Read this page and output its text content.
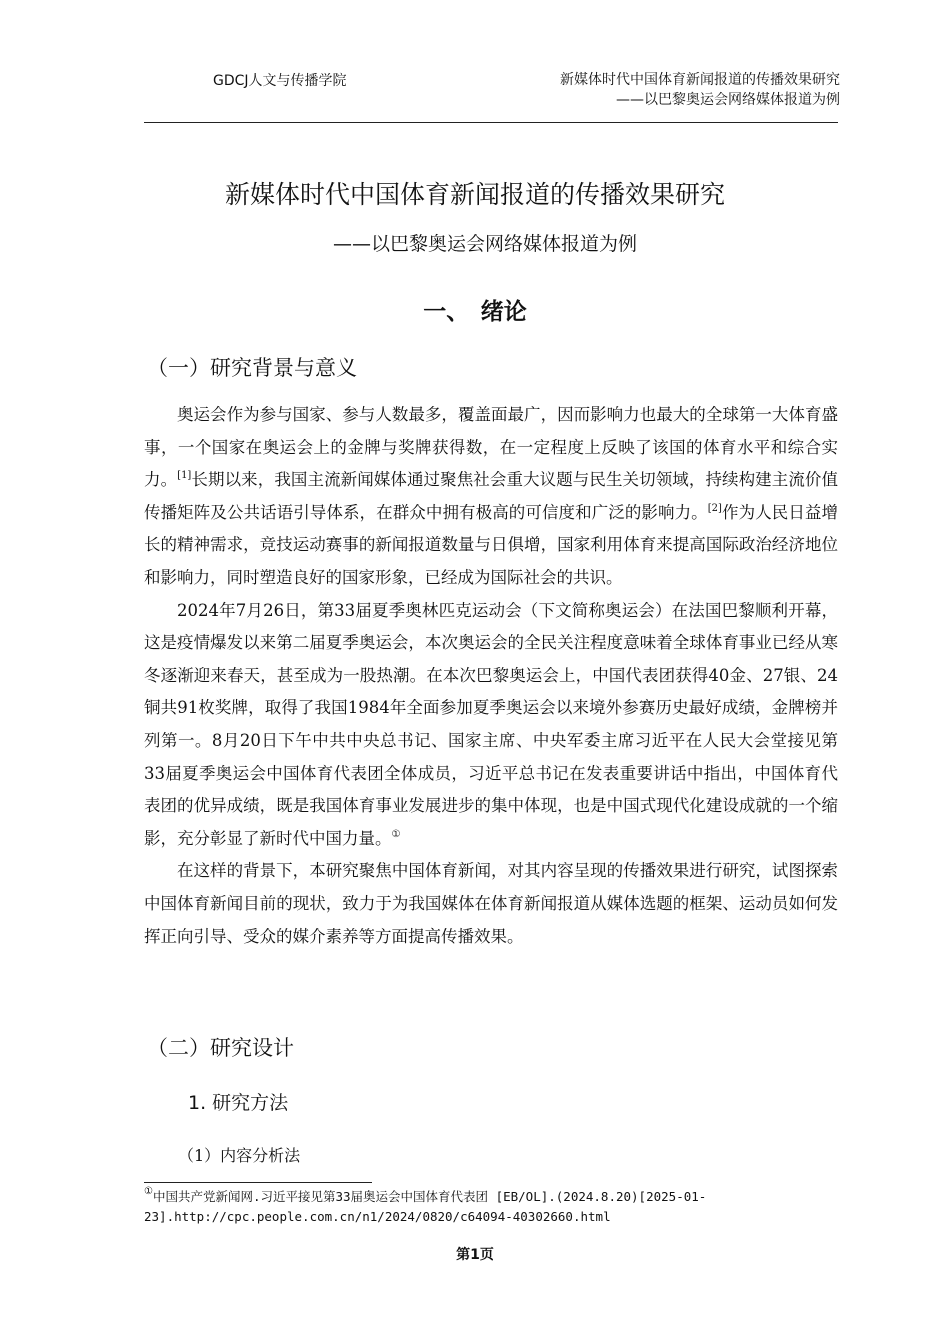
GDCJ人文与传播学院	新媒体时代中国体育新闻报道的传播效果研究
——以巴黎奥运会网络媒体报道为例
新媒体时代中国体育新闻报道的传播效果研究
——以巴黎奥运会网络媒体报道为例
一、　绪论
（一）研究背景与意义

奥运会作为参与国家、参与人数最多，覆盖面最广，因而影响力也最大的全球第一大体育盛事，一个国家在奥运会上的金牌与奖牌获得数，在一定程度上反映了该国的体育水平和综合实力。[1]长期以来，我国主流新闻媒体通过聚焦社会重大议题与民生关切领域，持续构建主流价值传播矩阵及公共话语引导体系，在群众中拥有极高的可信度和广泛的影响力。[2]作为人民日益增长的精神需求，竞技运动赛事的新闻报道数量与日俱增，国家利用体育来提高国际政治经济地位和影响力，同时塑造良好的国家形象，已经成为国际社会的共识。

2024年7月26日，第33届夏季奥林匹克运动会（下文简称奥运会）在法国巴黎顺利开幕，这是疫情爆发以来第二届夏季奥运会，本次奥运会的全民关注程度意味着全球体育事业已经从寒冬逐渐迎来春天，甚至成为一股热潮。在本次巴黎奥运会上，中国代表团获得40金、27银、24铜共91枚奖牌，取得了我国1984年全面参加夏季奥运会以来境外参赛历史最好成绩，金牌榜并列第一。8月20日下午中共中央总书记、国家主席、中央军委主席习近平在人民大会堂接见第33届夏季奥运会中国体育代表团全体成员，习近平总书记在发表重要讲话中指出，中国体育代表团的优异成绩，既是我国体育事业发展进步的集中体现，也是中国式现代化建设成就的一个缩影，充分彰显了新时代中国力量。①

在这样的背景下，本研究聚焦中国体育新闻，对其内容呈现的传播效果进行研究，试图探索中国体育新闻目前的现状，致力于为我国媒体在体育新闻报道从媒体选题的框架、运动员如何发挥正向引导、受众的媒介素养等方面提高传播效果。

（二）研究设计
1. 研究方法
（1）内容分析法
①中国共产党新闻网.习近平接见第33届奥运会中国体育代表团 [EB/OL].(2024.8.20)[2025-01-23].http://cpc.people.com.cn/n1/2024/0820/c64094-40302660.html
第1页
